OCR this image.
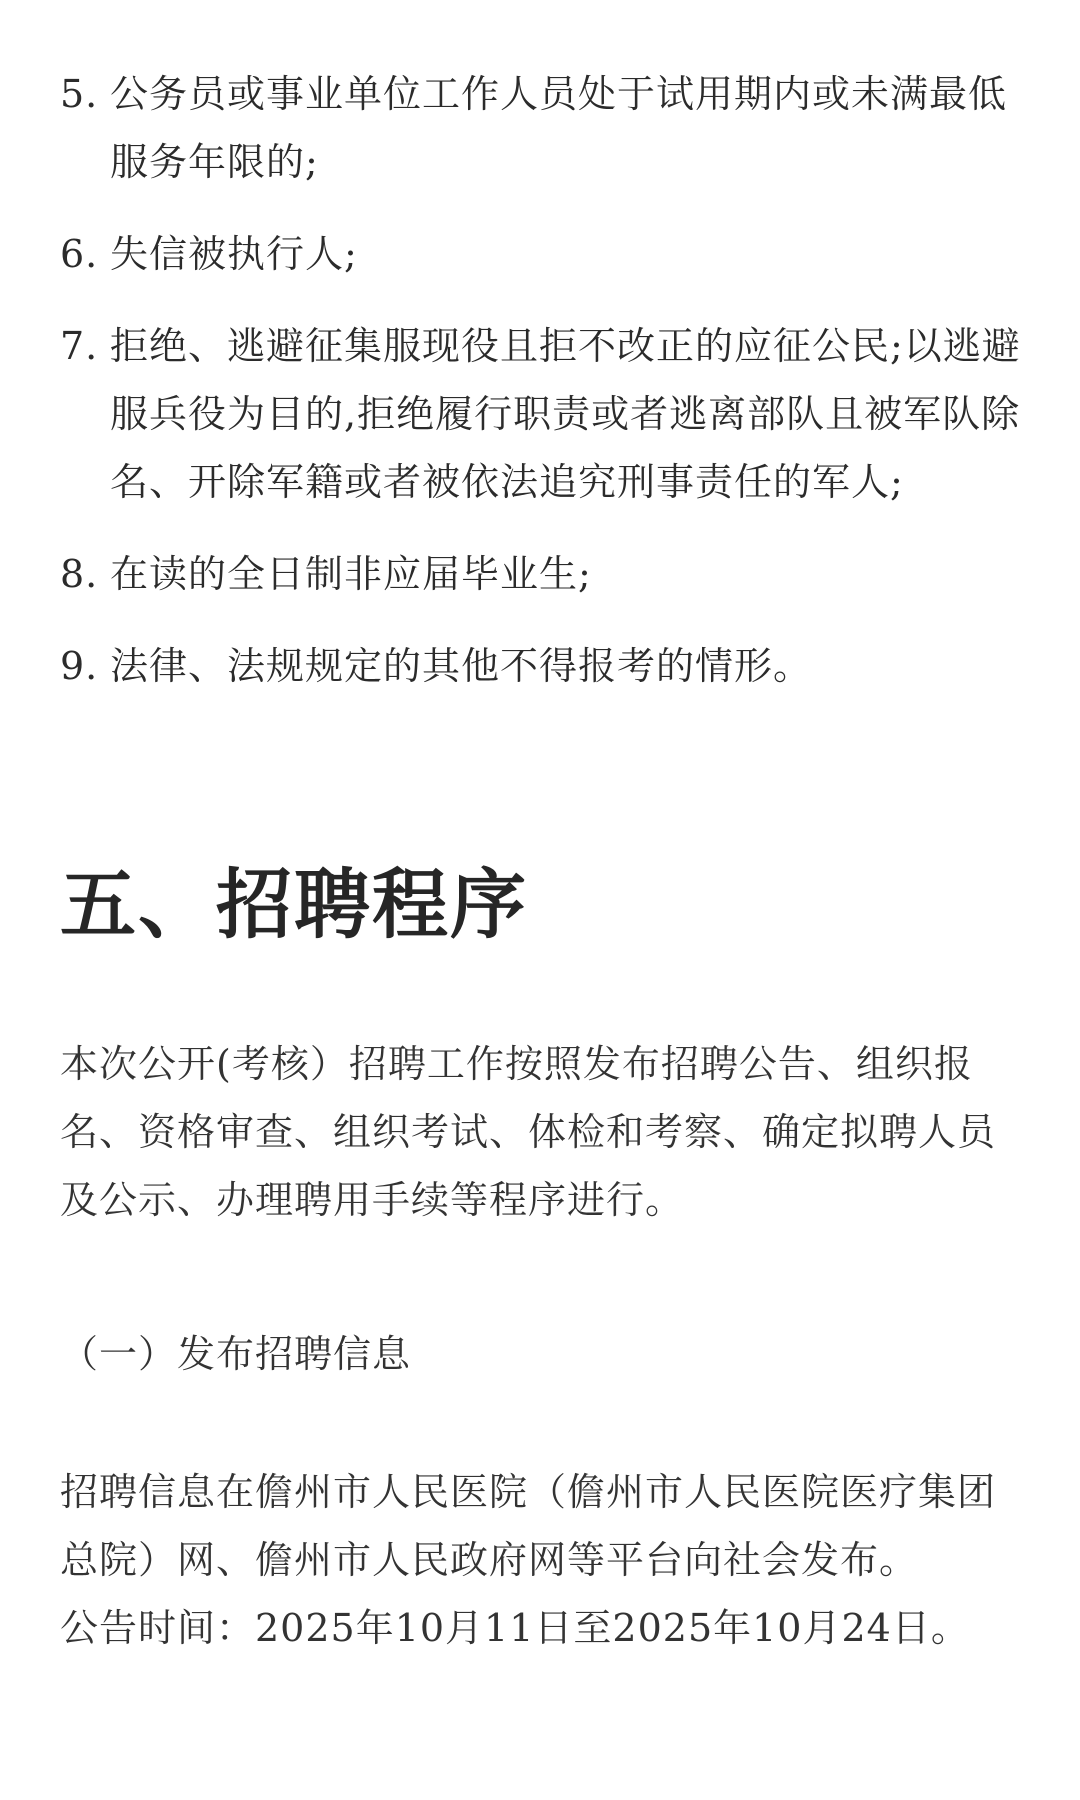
5. 公务员或事业单位工作人员处于试用期内或未满最低服务年限的;
6. 失信被执行人;
7. 拒绝、逃避征集服现役且拒不改正的应征公民;以逃避服兵役为目的,拒绝履行职责或者逃离部队且被军队除名、开除军籍或者被依法追究刑事责任的军人;
8. 在读的全日制非应届毕业生;
9. 法律、法规规定的其他不得报考的情形。
五、招聘程序
本次公开(考核）招聘工作按照发布招聘公告、组织报名、资格审查、组织考试、体检和考察、确定拟聘人员及公示、办理聘用手续等程序进行。
（一）发布招聘信息
招聘信息在儋州市人民医院（儋州市人民医院医疗集团总院）网、儋州市人民政府网等平台向社会发布。
公告时间：2025年10月11日至2025年10月24日。
